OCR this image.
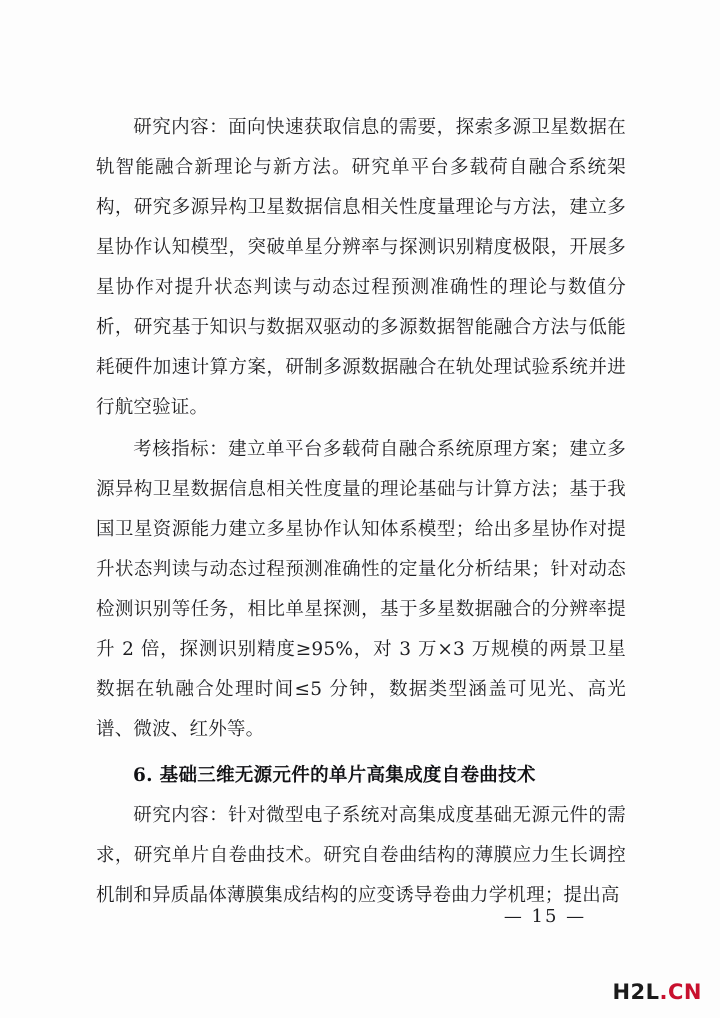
研究内容：面向快速获取信息的需要，探索多源卫星数据在轨智能融合新理论与新方法。研究单平台多载荷自融合系统架构，研究多源异构卫星数据信息相关性度量理论与方法，建立多星协作认知模型，突破单星分辨率与探测识别精度极限，开展多星协作对提升状态判读与动态过程预测准确性的理论与数值分析，研究基于知识与数据双驱动的多源数据智能融合方法与低能耗硬件加速计算方案，研制多源数据融合在轨处理试验系统并进行航空验证。

考核指标：建立单平台多载荷自融合系统原理方案；建立多源异构卫星数据信息相关性度量的理论基础与计算方法；基于我国卫星资源能力建立多星协作认知体系模型；给出多星协作对提升状态判读与动态过程预测准确性的定量化分析结果；针对动态检测识别等任务，相比单星探测，基于多星数据融合的分辨率提升 2 倍，探测识别精度≥95%，对 3 万×3 万规模的两景卫星数据在轨融合处理时间≤5 分钟，数据类型涵盖可见光、高光谱、微波、红外等。

6. 基础三维无源元件的单片高集成度自卷曲技术

研究内容：针对微型电子系统对高集成度基础无源元件的需求，研究单片自卷曲技术。研究自卷曲结构的薄膜应力生长调控机制和异质晶体薄膜集成结构的应变诱导卷曲力学机理；提出高

— 15 —
H2L.CN
